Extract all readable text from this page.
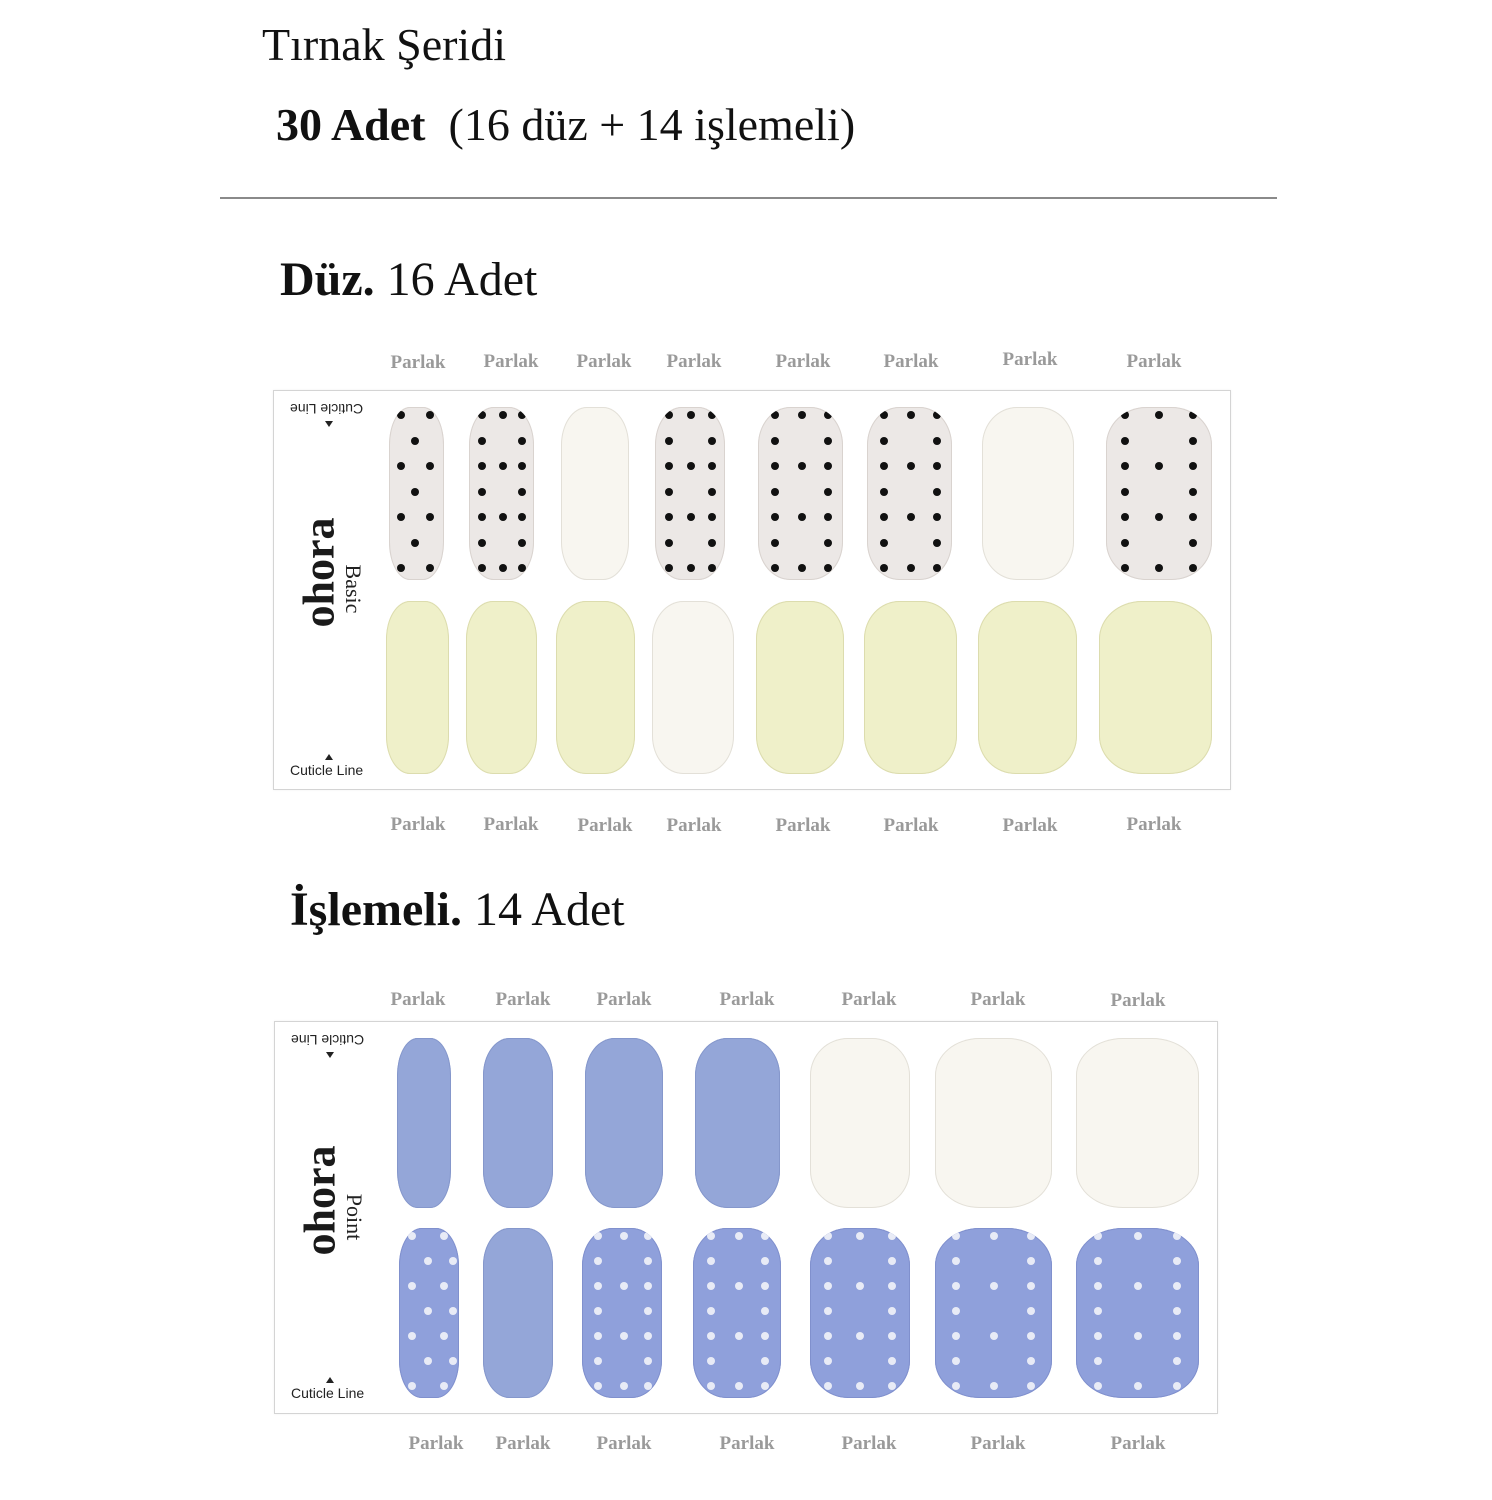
Tırnak Şeridi
30 Adet (16 düz + 14 işlemeli)
Düz. 16 Adet
Parlak Parlak Parlak Parlak	Parlak	Parlak	Parlak	Parlak
Cuticle Line
ohora
Basic
Cuticle Line
Parlak Parlak Parlak Parlak	Parlak	Parlak	Parlak	Parlak
İşlemeli. 14 Adet
Parlak	Parlak Parlak	Parlak	Parlak	Parlak	Parlak
Cuticle Line
ohora
Point
Cuticle Line
Parlak Parlak Parlak	Parlak	Parlak	Parlak	Parlak
